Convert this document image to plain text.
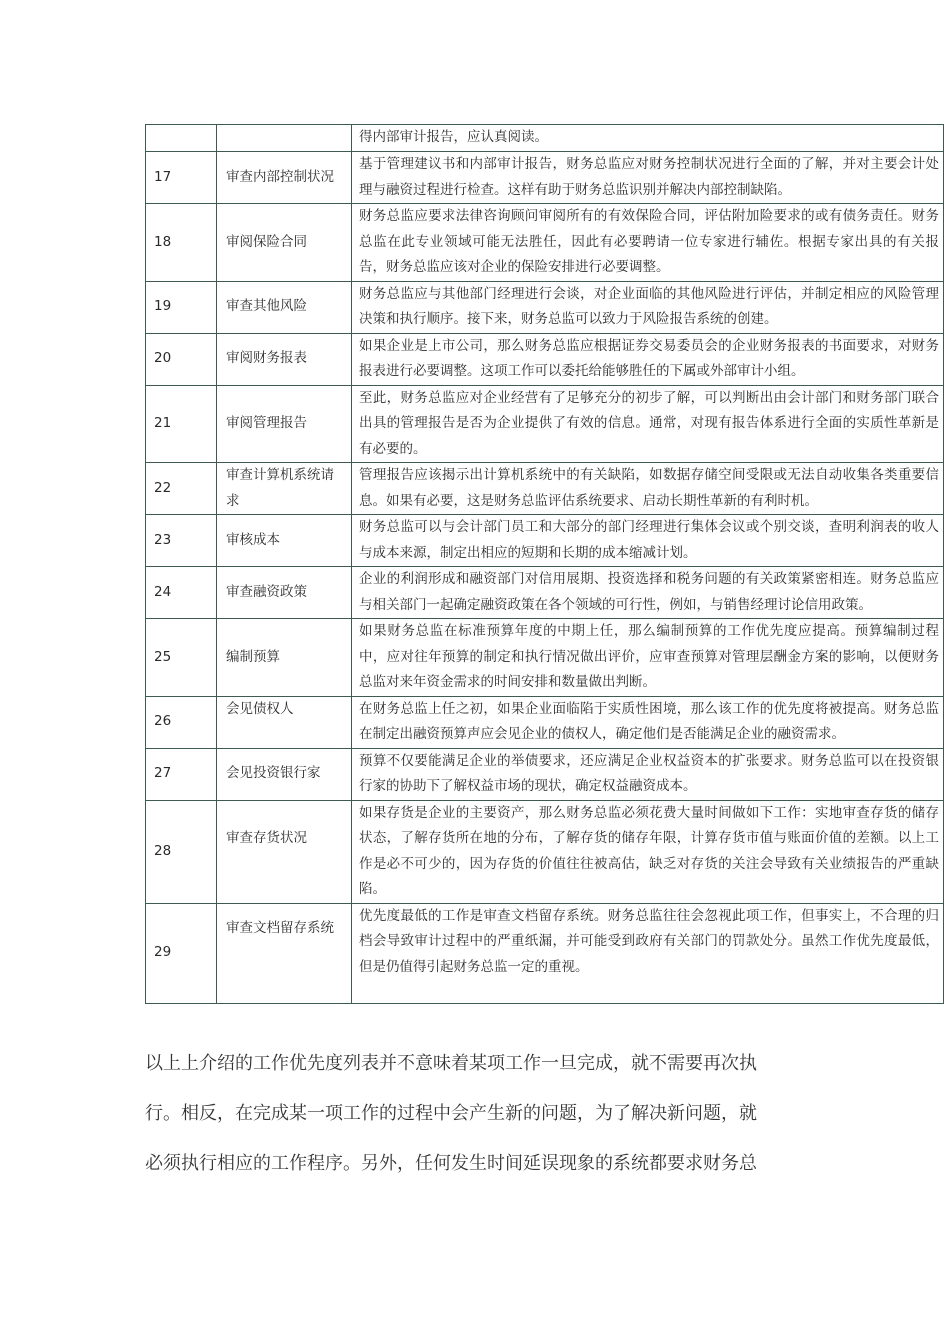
		得内部审计报告，应认真阅读。
17	审查内部控制状况	基于管理建议书和内部审计报告，财务总监应对财务控制状况进行全面的了解，并对主要会计处理与融资过程进行检查。这样有助于财务总监识别并解决内部控制缺陷。
18	审阅保险合同	财务总监应要求法律咨询顾问审阅所有的有效保险合同，评估附加险要求的或有债务责任。财务总监在此专业领域可能无法胜任，因此有必要聘请一位专家进行辅佐。根据专家出具的有关报告，财务总监应该对企业的保险安排进行必要调整。
19	审查其他风险	财务总监应与其他部门经理进行会谈，对企业面临的其他风险进行评估，并制定相应的风险管理决策和执行顺序。接下来，财务总监可以致力于风险报告系统的创建。
20	审阅财务报表	如果企业是上市公司，那么财务总监应根据证券交易委员会的企业财务报表的书面要求，对财务报表进行必要调整。这项工作可以委托给能够胜任的下属或外部审计小组。
21	审阅管理报告	至此，财务总监应对企业经营有了足够充分的初步了解，可以判断出由会计部门和财务部门联合出具的管理报告是否为企业提供了有效的信息。通常，对现有报告体系进行全面的实质性革新是有必要的。
22	审查计算机系统请求	管理报告应该揭示出计算机系统中的有关缺陷，如数据存储空间受限或无法自动收集各类重要信息。如果有必要，这是财务总监评估系统要求、启动长期性革新的有利时机。
23	审核成本	财务总监可以与会计部门员工和大部分的部门经理进行集体会议或个别交谈，查明利润表的收人与成本来源，制定出相应的短期和长期的成本缩减计划。
24	审查融资政策	企业的利润形成和融资部门对信用展期、投资选择和税务问题的有关政策紧密相连。财务总监应与相关部门一起确定融资政策在各个领域的可行性，例如，与销售经理讨论信用政策。
25	编制预算	如果财务总监在标准预算年度的中期上任，那么编制预算的工作优先度应提高。预算编制过程中，应对往年预算的制定和执行情况做出评价，应审查预算对管理层酬金方案的影响，以便财务总监对来年资金需求的时间安排和数量做出判断。
26	会见债权人	在财务总监上任之初，如果企业面临陷于实质性困境，那么该工作的优先度将被提高。财务总监在制定出融资预算声应会见企业的债权人，确定他们是否能满足企业的融资需求。
27	会见投资银行家	预算不仅要能满足企业的举债要求，还应满足企业权益资本的扩张要求。财务总监可以在投资银行家的协助下了解权益市场的现状，确定权益融资成本。
28	审查存货状况	如果存货是企业的主要资产，那么财务总监必须花费大量时间做如下工作：实地审查存货的储存状态，了解存货所在地的分布，了解存货的储存年限，计算存货市值与账面价值的差额。以上工作是必不可少的，因为存货的价值往往被高估，缺乏对存货的关注会导致有关业绩报告的严重缺陷。
29	审查文档留存系统	优先度最低的工作是审查文档留存系统。财务总监往往会忽视此项工作，但事实上，不合理的归档会导致审计过程中的严重纸漏，并可能受到政府有关部门的罚款处分。虽然工作优先度最低，但是仍值得引起财务总监一定的重视。
以上上介绍的工作优先度列表并不意味着某项工作一旦完成，就不需要再次执
行。相反，在完成某一项工作的过程中会产生新的问题，为了解决新问题，就
必须执行相应的工作程序。另外，任何发生时间延误现象的系统都要求财务总
